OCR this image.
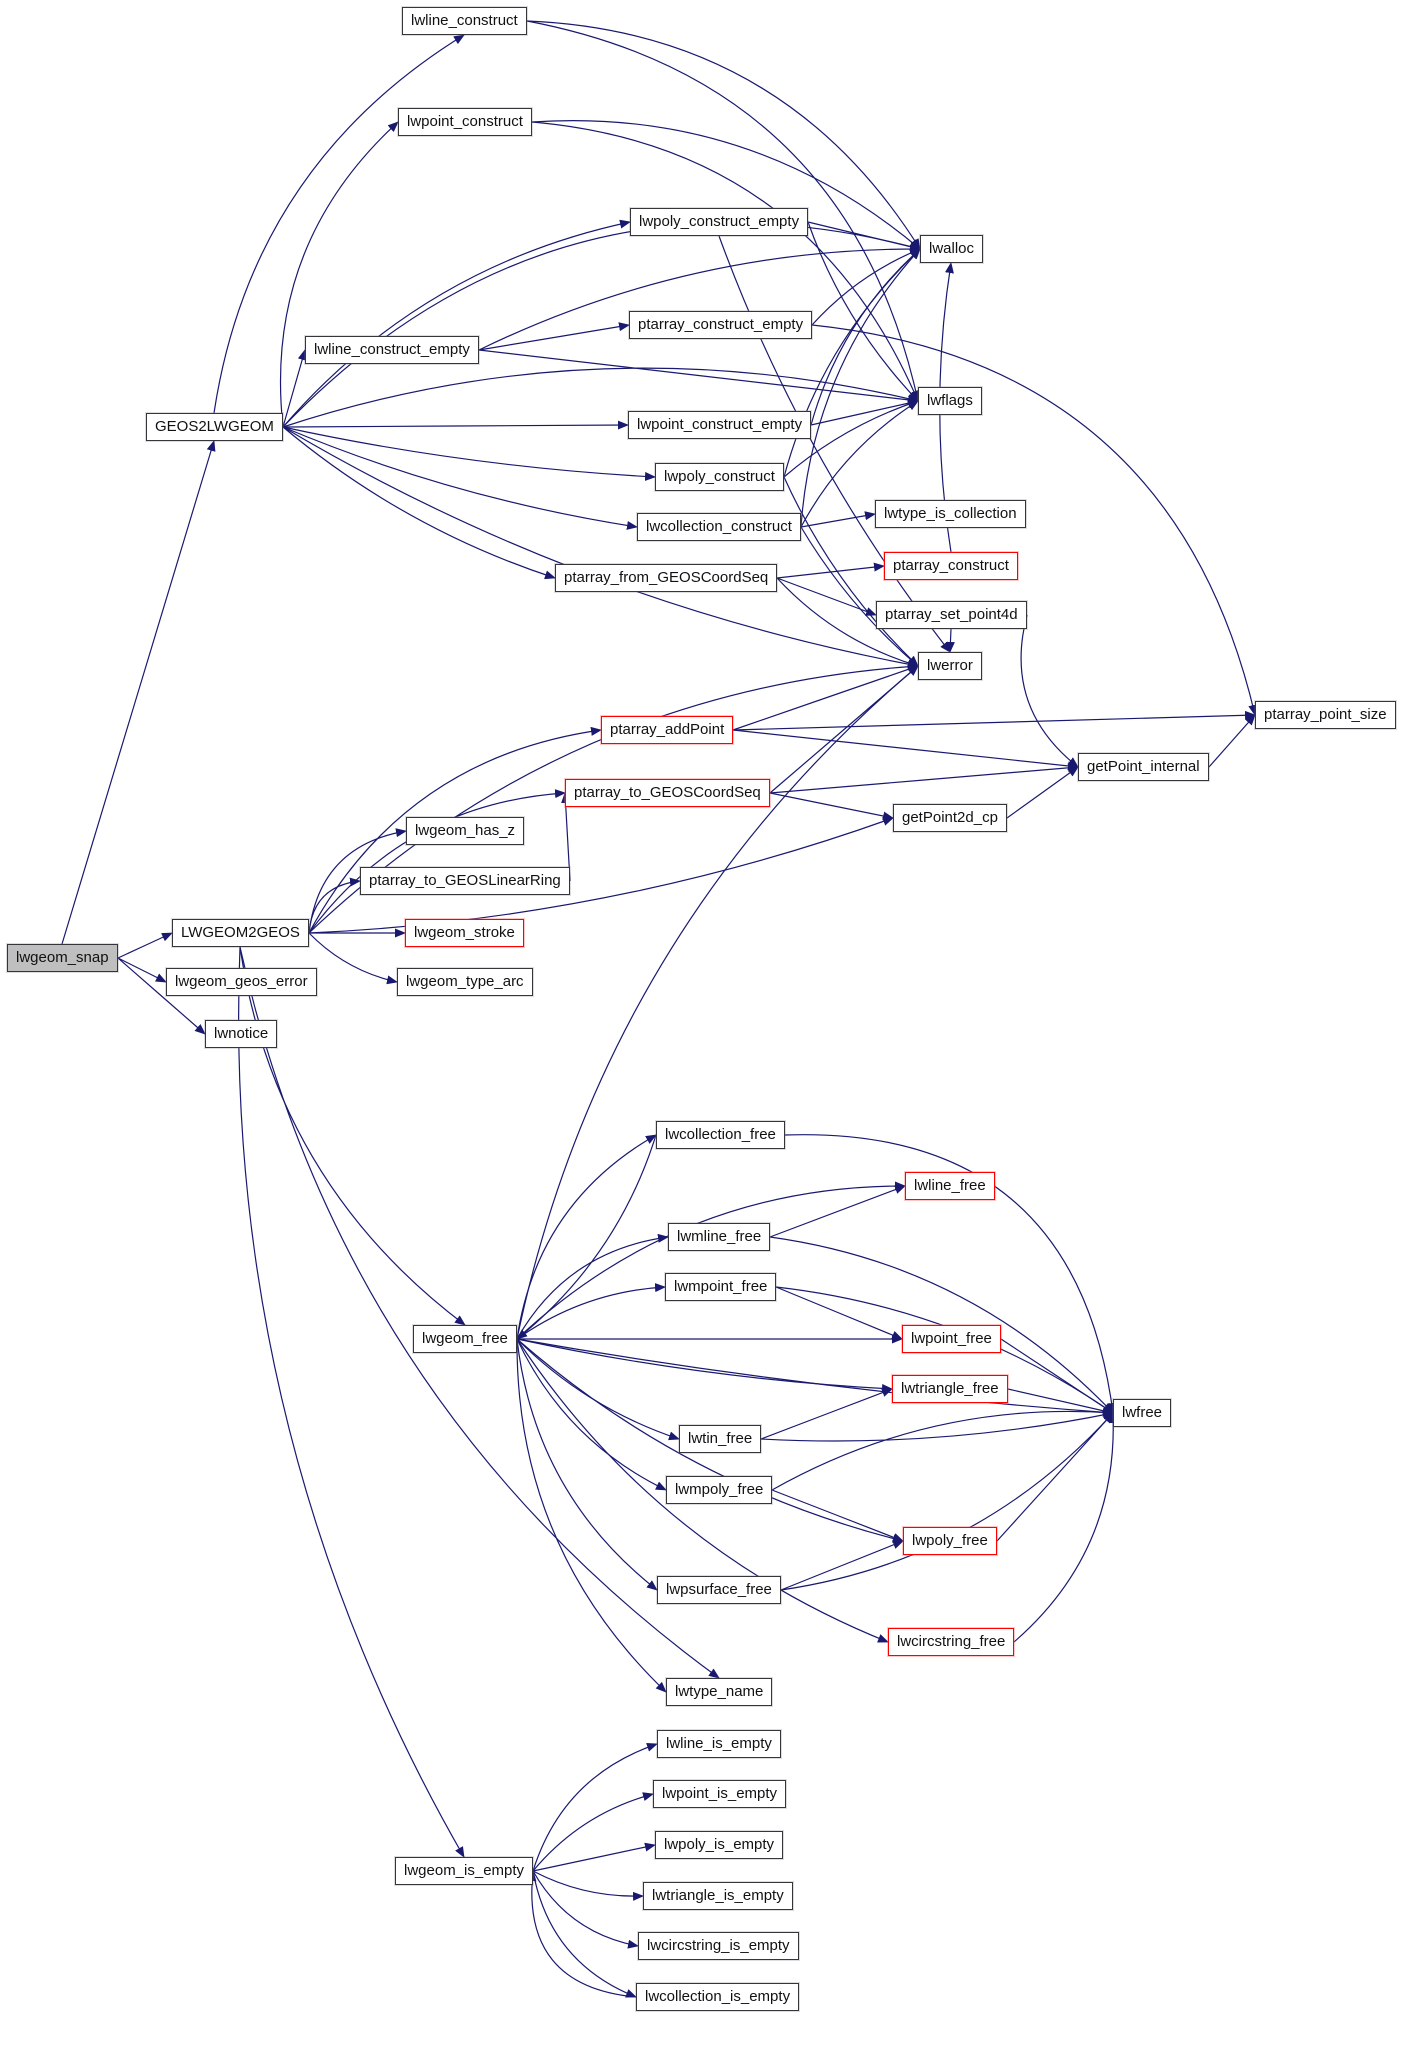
lwgeom_snap
LWGEOM2GEOS
lwgeom_geos_error
lwnotice
GEOS2LWGEOM
lwline_construct
lwpoint_construct
lwline_construct_empty
lwpoly_construct_empty
ptarray_construct_empty
lwpoint_construct_empty
lwpoly_construct
lwcollection_construct
ptarray_from_GEOSCoordSeq
lwalloc
lwflags
lwtype_is_collection
ptarray_construct
ptarray_set_point4d
lwerror
ptarray_addPoint
ptarray_to_GEOSCoordSeq
getPoint2d_cp
getPoint_internal
ptarray_point_size
lwgeom_has_z
ptarray_to_GEOSLinearRing
lwgeom_stroke
lwgeom_type_arc
lwgeom_free
lwcollection_free
lwline_free
lwmline_free
lwmpoint_free
lwpoint_free
lwtriangle_free
lwtin_free
lwmpoly_free
lwpoly_free
lwpsurface_free
lwcircstring_free
lwtype_name
lwfree
lwline_is_empty
lwgeom_is_empty
lwpoint_is_empty
lwpoly_is_empty
lwtriangle_is_empty
lwcircstring_is_empty
lwcollection_is_empty
